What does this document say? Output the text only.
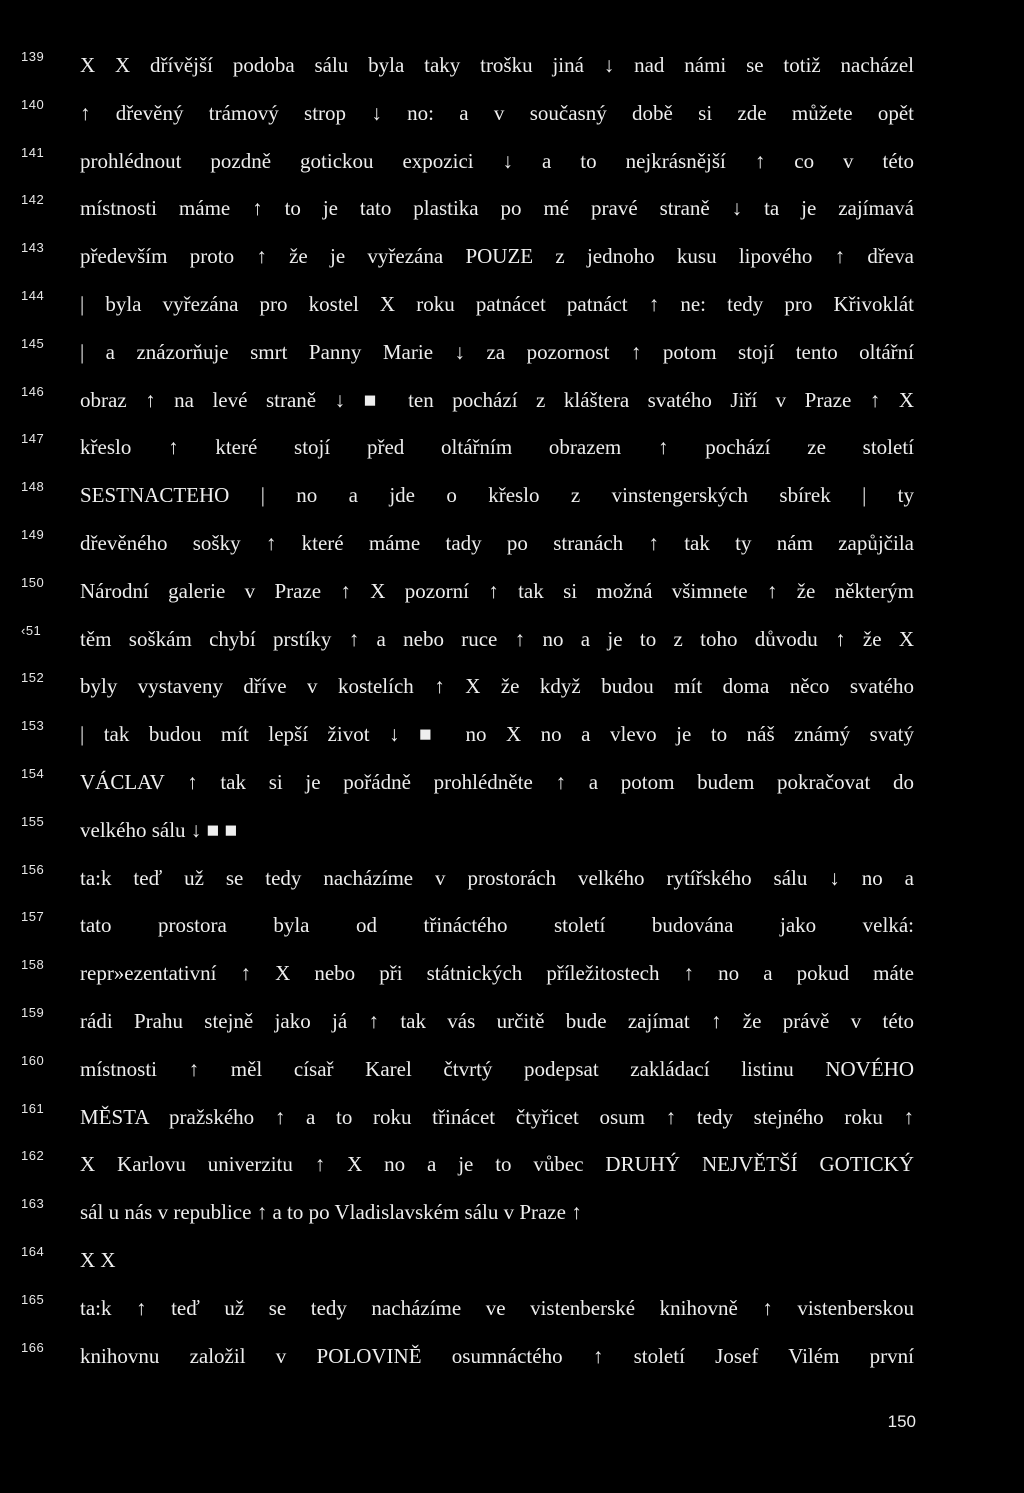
139 X X dřívější podoba sálu byla taky trošku jiná ↓ nad námi se totiž nacházel
140 ↑ dřevěný trámový strop ↓ no: a v současný době si zde můžete opět
141 prohlédnout pozdně gotickou expozici ↓ a to nejkrásnější ↑ co v této
142 místnosti máme ↑ to je tato plastika po mé pravé straně ↓ ta je zajímavá
143 především proto ↑ že je vyřezána POUZE z jednoho kusu lipového ↑ dřeva
144 | byla vyřezána pro kostel X roku patnácet patnáct ↑ ne: tedy pro Křivoklát
145 | a znázorňuje smrt Panny Marie ↓ za pozornost ↑ potom stojí tento oltářní
146 obraz ↑ na levé straně ↓ ■ ten pochází z kláštera svatého Jiří v Praze ↑ X
147 křeslo ↑ které stojí před oltářním obrazem ↑ pochází ze století
148 SESTNACTEHO | no a jde o křeslo z vinstengerských sbírek | ty
149 dřevěného sošky ↑ které máme tady po stranách ↑ tak ty nám zapůjčila
150 Národní galerie v Praze ↑ X pozorní ↑ tak si možná všimnete ↑ že některým
‹51 těm soškám chybí prstíky ↑ a nebo ruce ↑ no a je to z toho důvodu ↑ že X
152 byly vystaveny dříve v kostelích ↑ X že když budou mít doma něco svatého
153 | tak budou mít lepší život ↓ ■ no X no a vlevo je to náš známý svatý
154 VÁCLAV ↑ tak si je pořádně prohlédněte ↑ a potom budem pokračovat do
155 velkého sálu ↓ ■ ■
156 ta:k teď už se tedy nacházíme v prostorách velkého rytířského sálu ↓ no a
157 tato prostora byla od třináctého století budována jako velká:
158 repr»ezentativní ↑ X nebo při státnických příležitostech ↑ no a pokud máte
159 rádi Prahu stejně jako já ↑ tak vás určitě bude zajímat ↑ že právě v této
160 místnosti ↑ měl císař Karel čtvrtý podepsat zakládací listinu NOVÉHO
161 MĚSTA pražského ↑ a to roku třinácet čtyřicet osum ↑ tedy stejného roku ↑
162 X Karlovu univerzitu ↑ X no a je to vůbec DRUHÝ NEJVĚTŠÍ GOTICKÝ
163 sál u nás v republice ↑ a to po Vladislavském sálu v Praze ↑
164 X X
165 ta:k ↑ teď už se tedy nacházíme ve vistenberské knihovně ↑ vistenberskou
166 knihovnu založil v POLOVINĚ osumnáctého ↑ století Josef Vilém první
150
